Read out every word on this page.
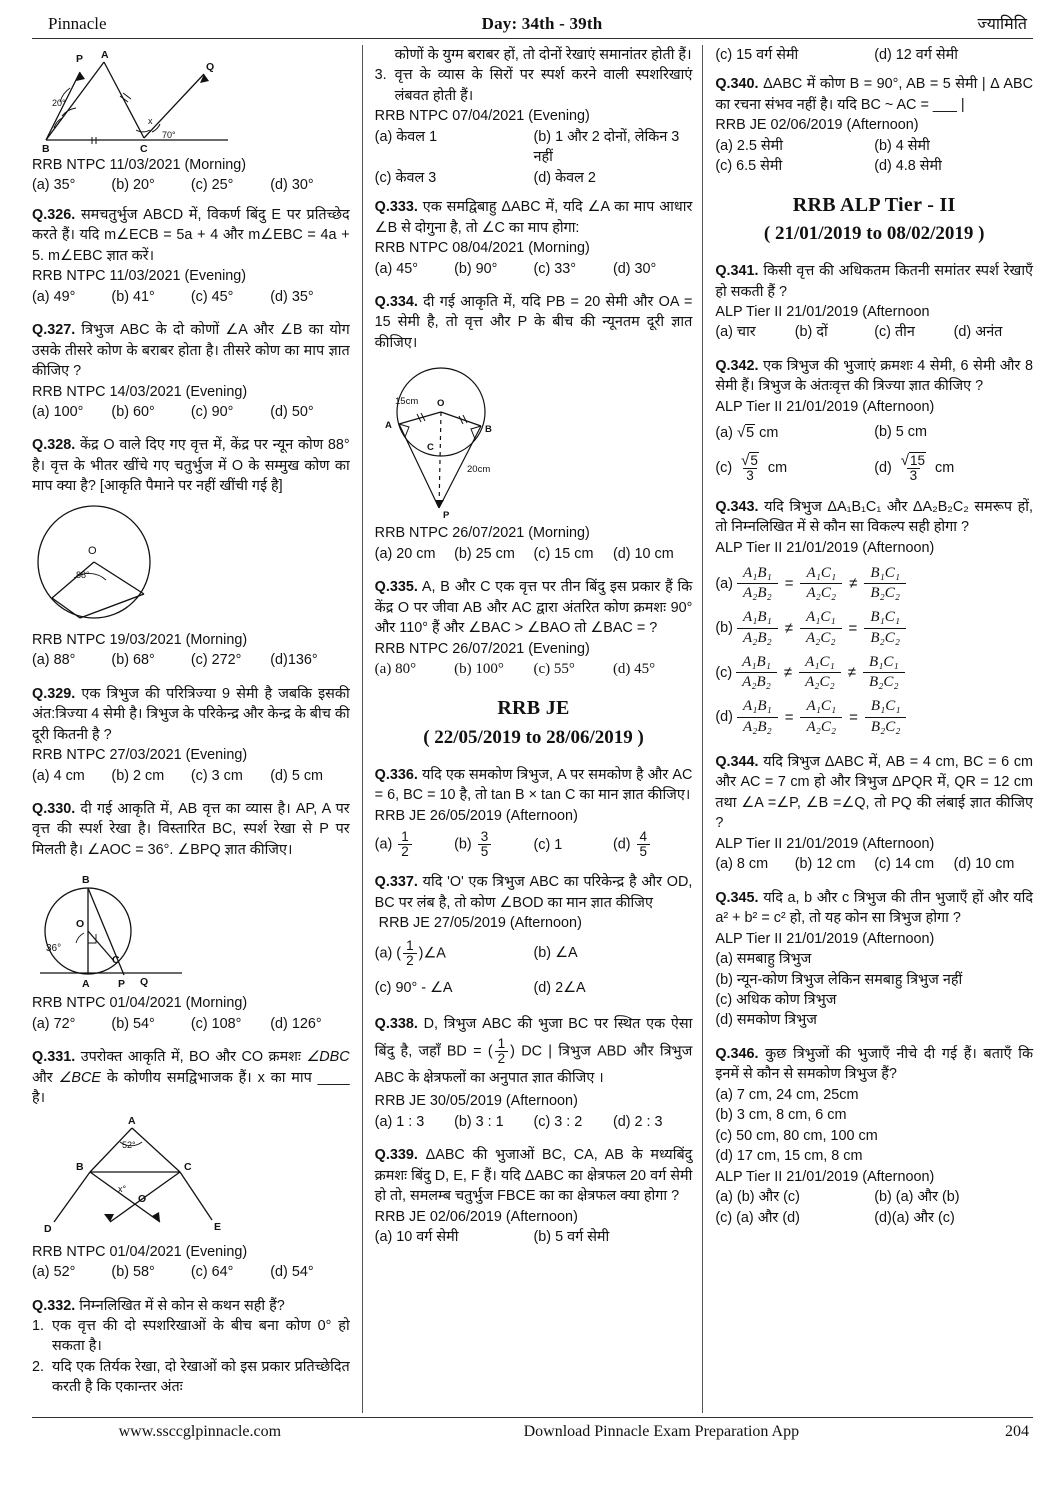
Pinnacle	Day: 34th - 39th	ज्यामिति
P A
Q
B	C
x
20°
70°

RRB NTPC 11/03/2021 (Morning)

(a) 35°	(b) 20°	(c) 25°	(d) 30°

Q.326. समचतुर्भुज ABCD में, विकर्ण बिंदु E पर प्रतिच्छेद करते हैं। यदि m∠ECB = 5a + 4 और m∠EBC = 4a + 5. m∠EBC ज्ञात करें।

RRB NTPC 11/03/2021 (Evening)

(a) 49°	(b) 41°	(c) 45°	(d) 35°

Q.327. त्रिभुज ABC के दो कोणों ∠A और ∠B का योग उसके तीसरे कोण के बराबर होता है। तीसरे कोण का माप ज्ञात कीजिए ?

RRB NTPC 14/03/2021 (Evening)

(a) 100°	(b) 60°	(c) 90°	(d) 50°

Q.328. केंद्र O वाले दिए गए वृत्त में, केंद्र पर न्यून कोण 88° है। वृत्त के भीतर खींचे गए चतुर्भुज में O के सम्मुख कोण का माप क्या है? [आकृति पैमाने पर नहीं खींची गई है]

O
88°

RRB NTPC 19/03/2021 (Morning)

(a) 88°	(b) 68°	(c) 272°	(d)136°

Q.329. एक त्रिभुज की परित्रिज्या 9 सेमी है जबकि इसकी अंत:त्रिज्या 4 सेमी है। त्रिभुज के परिकेन्द्र और केन्द्र के बीच की दूरी कितनी है ?

RRB NTPC 27/03/2021 (Evening)

(a) 4 cm	(b) 2 cm	(c) 3 cm	(d) 5 cm

Q.330. दी गई आकृति में, AB वृत्त का व्यास है। AP, A पर वृत्त की स्पर्श रेखा है। विस्तारित BC, स्पर्श रेखा से P पर मिलती है। ∠AOC = 36°. ∠BPQ ज्ञात कीजिए।

B
O
C
A	P Q
36°

RRB NTPC 01/04/2021 (Morning)

(a) 72°	(b) 54°	(c) 108°	(d) 126°

Q.331. उपरोक्त आकृति में, BO और CO क्रमशः ∠DBC और ∠BCE के कोणीय समद्विभाजक हैं। x का माप ____ है।

A
B	C
D	E
O
52°
x°

RRB NTPC 01/04/2021 (Evening)

(a) 52°	(b) 58°	(c) 64°	(d) 54°

Q.332. निम्नलिखित में से कोन से कथन सही हैं?

1. एक वृत्त की दो स्पशरिखाओं के बीच बना कोण 0° हो सकता है।
2. यदि एक तिर्यक रेखा, दो रेखाओं को इस प्रकार प्रतिच्छेदित करती है कि एकान्तर अंतः

कोणों के युग्म बराबर हों, तो दोनों रेखाएं समानांतर होती हैं।

3. वृत्त के व्यास के सिरों पर स्पर्श करने वाली स्पशरिखाएं लंबवत होती हैं।

RRB NTPC 07/04/2021 (Evening)

(a) केवल 1	(b) 1 और 2 दोनों, लेकिन 3 नहीं
(c) केवल 3	(d) केवल 2

Q.333. एक समद्विबाहु ΔABC में, यदि ∠A का माप आधार ∠B से दोगुना है, तो ∠C का माप होगा:

RRB NTPC 08/04/2021 (Morning)

(a) 45°	(b) 90°	(c) 33°	(d) 30°

Q.334. दी गई आकृति में, यदि PB = 20 सेमी और OA = 15 सेमी है, तो वृत्त और P के बीच की न्यूनतम दूरी ज्ञात कीजिए।

O
A	B
C
P
15cm
20cm

RRB NTPC 26/07/2021 (Morning)

(a) 20 cm	(b) 25 cm	(c) 15 cm	(d) 10 cm

Q.335. A, B और C एक वृत्त पर तीन बिंदु इस प्रकार हैं कि केंद्र O पर जीवा AB और AC द्वारा अंतरित कोण क्रमशः 90° और 110° हैं और ∠BAC > ∠BAO तो ∠BAC = ?

RRB NTPC 26/07/2021 (Evening)

(a) 80°	(b) 100°	(c) 55°	(d) 45°
RRB JE
( 22/05/2019 to 28/06/2019 )

Q.336. यदि एक समकोण त्रिभुज, A पर समकोण है और AC = 6, BC = 10 है, तो tan B × tan C का मान ज्ञात कीजिए।

RRB JE 26/05/2019 (Afternoon)

$(a) \frac{1}{2}$	$(b) \frac{3}{5}$	(c) 1	$(d) \frac{4}{5}$

Q.337. यदि 'O' एक त्रिभुज ABC का परिकेन्द्र है और OD, BC पर लंब है, तो कोण ∠BOD का मान ज्ञात कीजिए

RRB JE 27/05/2019 (Afternoon)

(a) ( $\frac{1}{2}$ )∠A	(b) ∠A
(c) 90° - ∠A	(d) 2∠A

Q.338. D, त्रिभुज ABC की भुजा BC पर स्थित एक ऐसा बिंदु है, जहाँ BD = ( $\frac{1}{2}$ ) DC | त्रिभुज ABD और त्रिभुज ABC के क्षेत्रफलों का अनुपात ज्ञात कीजिए ।

RRB JE 30/05/2019 (Afternoon)

(a) 1 : 3	(b) 3 : 1	(c) 3 : 2	(d) 2 : 3

Q.339. ΔABC की भुजाओं BC, CA, AB के मध्यबिंदु क्रमशः बिंदु D, E, F हैं। यदि ΔABC का क्षेत्रफल 20 वर्ग सेमी हो तो, समलम्ब चतुर्भुज FBCE का का क्षेत्रफल क्या होगा ?

RRB JE 02/06/2019 (Afternoon)

(a) 10 वर्ग सेमी	(b) 5 वर्ग सेमी
(c) 15 वर्ग सेमी	(d) 12 वर्ग सेमी

Q.340. ΔABC में कोण B = 90°, AB = 5 सेमी | Δ ABC का रचना संभव नहीं है। यदि BC ~ AC = ___ |

RRB JE 02/06/2019 (Afternoon)

(a) 2.5 सेमी	(b) 4 सेमी
(c) 6.5 सेमी	(d) 4.8 सेमी
RRB ALP Tier - II
( 21/01/2019 to 08/02/2019 )

Q.341. किसी वृत्त की अधिकतम कितनी समांतर स्पर्श रेखाएँ हो सकती हैं ?

ALP Tier II 21/01/2019 (Afternoon

(a) चार	(b) दों	(c) तीन	(d) अनंत

Q.342. एक त्रिभुज की भुजाएं क्रमशः 4 सेमी, 6 सेमी और 8 सेमी हैं। त्रिभुज के अंतःवृत्त की त्रिज्या ज्ञात कीजिए ?

ALP Tier II 21/01/2019 (Afternoon)

(a) √5 cm	(b) 5 cm
$(c) \frac{√5}{3}$ cm	$(d) \frac{√15}{3}$ cm

Q.343. यदि त्रिभुज ΔA₁B₁C₁ और ΔA₂B₂C₂ समरूप हों, तो निम्नलिखित में से कौन सा विकल्प सही होगा ?

ALP Tier II 21/01/2019 (Afternoon)

$(a) \frac{\text{A₁B₁}}{\text{A₂B₂}} = \frac{\text{A₁C₁}}{\text{A₂C₂}} \ne \frac{\text{B₁C₁}}{\text{B₂C₂}}$
$(b) \frac{\text{A₁B₁}}{\text{A₂B₂}} \ne \frac{\text{A₁C₁}}{\text{A₂C₂}} = \frac{\text{B₁C₁}}{\text{B₂C₂}}$
$(c) \frac{\text{A₁B₁}}{\text{A₂B₂}} \ne \frac{\text{A₁C₁}}{\text{A₂C₂}} \ne \frac{\text{B₁C₁}}{\text{B₂C₂}}$
$(d) \frac{\text{A₁B₁}}{\text{A₂B₂}} = \frac{\text{A₁C₁}}{\text{A₂C₂}} = \frac{\text{B₁C₁}}{\text{B₂C₂}}$

Q.344. यदि त्रिभुज ΔABC में, AB = 4 cm, BC = 6 cm और AC = 7 cm हो और त्रिभुज ΔPQR में, QR = 12 cm तथा ∠A =∠P, ∠B =∠Q, तो PQ की लंबाई ज्ञात कीजिए ?

ALP Tier II 21/01/2019 (Afternoon)

(a) 8 cm	(b) 12 cm	(c) 14 cm	(d) 10 cm

Q.345. यदि a, b और c त्रिभुज की तीन भुजाएँ हों और यदि a² + b² = c² हो, तो यह कोन सा त्रिभुज होगा ?

ALP Tier II 21/01/2019 (Afternoon)

(a) समबाहु त्रिभुज

(b) न्यून-कोण त्रिभुज लेकिन समबाहु त्रिभुज नहीं

(c) अधिक कोण त्रिभुज

(d) समकोण त्रिभुज

Q.346. कुछ त्रिभुजों की भुजाएँ नीचे दी गई हैं। बताएँ कि इनमें से कौन से समकोण त्रिभुज हैं?

(a) 7 cm, 24 cm, 25cm

(b) 3 cm, 8 cm, 6 cm

(c) 50 cm, 80 cm, 100 cm

(d) 17 cm, 15 cm, 8 cm

ALP Tier II 21/01/2019 (Afternoon)

(a) (b) और (c)	(b) (a) और (b)
(c) (a) और (d)	(d)(a) और (c)
www.ssccglpinnacle.com	Download Pinnacle Exam Preparation App	204
